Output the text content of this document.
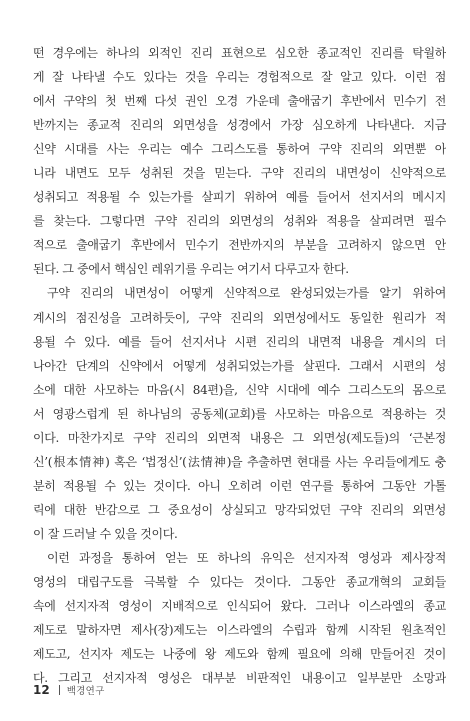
떤 경우에는 하나의 외적인 진리 표현으로 심오한 종교적인 진리를 탁월하
게 잘 나타낼 수도 있다는 것을 우리는 경험적으로 잘 알고 있다. 이런 점
에서 구약의 첫 번째 다섯 권인 오경 가운데 출애굽기 후반에서 민수기 전
반까지는 종교적 진리의 외면성을 성경에서 가장 심오하게 나타낸다. 지금
신약 시대를 사는 우리는 예수 그리스도를 통하여 구약 진리의 외면뿐 아
니라 내면도 모두 성취된 것을 믿는다. 구약 진리의 내면성이 신약적으로
성취되고 적용될 수 있는가를 살피기 위하여 예를 들어서 선지서의 메시지
를 찾는다. 그렇다면 구약 진리의 외면성의 성취와 적용을 살피려면 필수
적으로 출애굽기 후반에서 민수기 전반까지의 부분을 고려하지 않으면 안
된다. 그 중에서 핵심인 레위기를 우리는 여기서 다루고자 한다.
구약 진리의 내면성이 어떻게 신약적으로 완성되었는가를 알기 위하여
계시의 점진성을 고려하듯이, 구약 진리의 외면성에서도 동일한 원리가 적
용될 수 있다. 예를 들어 선지서나 시편 진리의 내면적 내용을 계시의 더
나아간 단계의 신약에서 어떻게 성취되었는가를 살핀다. 그래서 시편의 성
소에 대한 사모하는 마음(시 84편)을, 신약 시대에 예수 그리스도의 몸으로
서 영광스럽게 된 하나님의 공동체(교회)를 사모하는 마음으로 적용하는 것
이다. 마찬가지로 구약 진리의 외면적 내용은 그 외면성(제도들)의 ‘근본정
신’(根本情神) 혹은 ‘법정신’(法情神)을 추출하면 현대를 사는 우리들에게도 충
분히 적용될 수 있는 것이다. 아니 오히려 이런 연구를 통하여 그동안 가톨
릭에 대한 반감으로 그 중요성이 상실되고 망각되었던 구약 진리의 외면성
이 잘 드러날 수 있을 것이다.
이런 과정을 통하여 얻는 또 하나의 유익은 선지자적 영성과 제사장적
영성의 대립구도를 극복할 수 있다는 것이다. 그동안 종교개혁의 교회들
속에 선지자적 영성이 지배적으로 인식되어 왔다. 그러나 이스라엘의 종교
제도로 말하자면 제사(장)제도는 이스라엘의 수립과 함께 시작된 원초적인
제도고, 선지자 제도는 나중에 왕 제도와 함께 필요에 의해 만들어진 것이
다. 그리고 선지자적 영성은 대부분 비판적인 내용이고 일부분만 소망과
12 백경연구
